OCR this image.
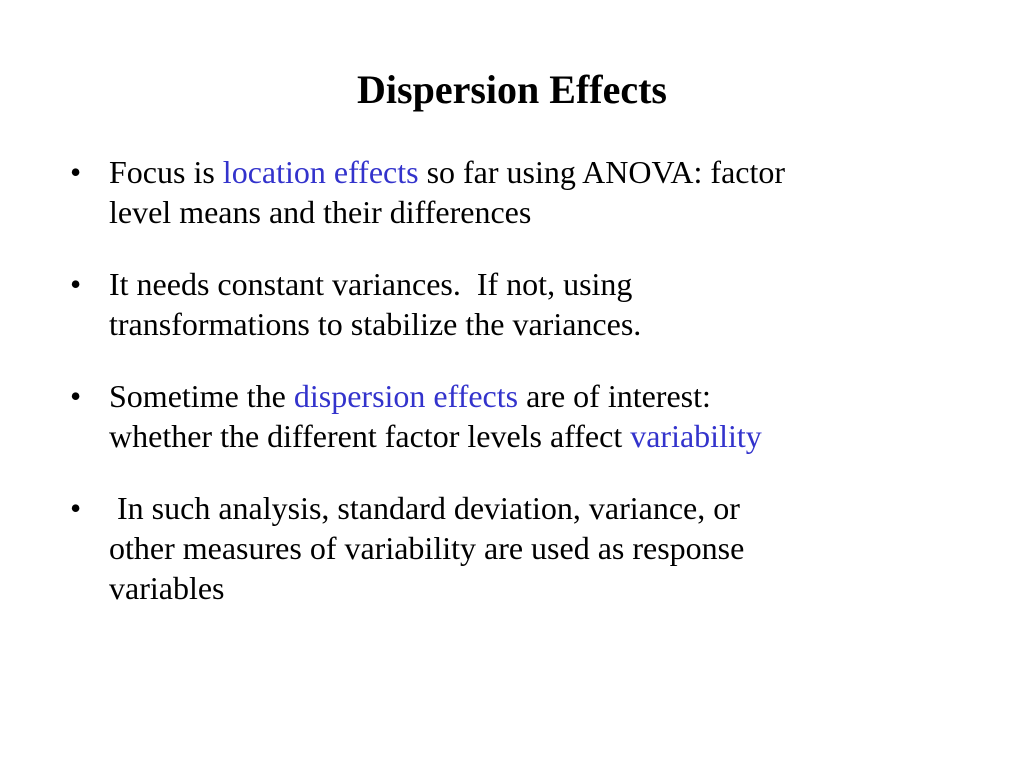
Dispersion Effects
• Focus is location effects so far using ANOVA: factor
level means and their differences
• It needs constant variances.  If not, using
transformations to stabilize the variances.
• Sometime the dispersion effects are of interest:
whether the different factor levels affect variability
• In such analysis, standard deviation, variance, or
other measures of variability are used as response
variables
